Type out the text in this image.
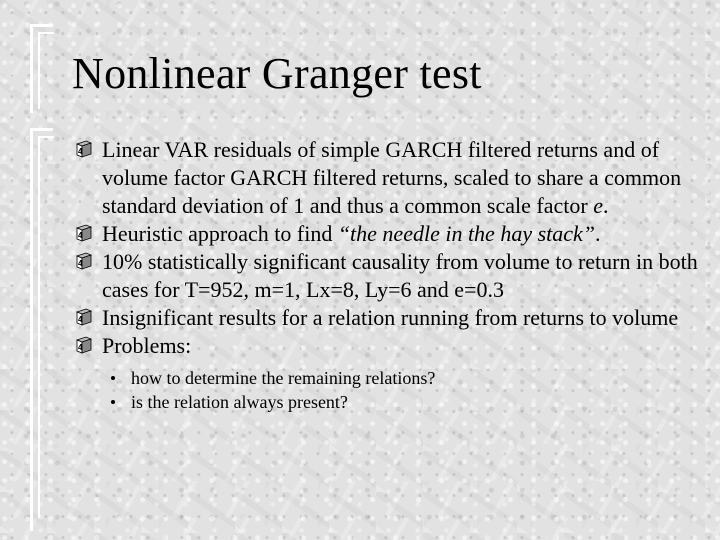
Nonlinear Granger test
4 Linear VAR residuals of simple GARCH filtered returns and of volume factor GARCH filtered returns, scaled to share a common standard deviation of 1 and thus a common scale factor e.
4 Heuristic approach to find “the needle in the hay stack”.
4 10% statistically significant causality from volume to return in both cases for T=952, m=1, Lx=8, Ly=6 and e=0.3
4 Insignificant results for a relation running from returns to volume
4 Problems:
how to determine the remaining relations?
is the relation always present?
